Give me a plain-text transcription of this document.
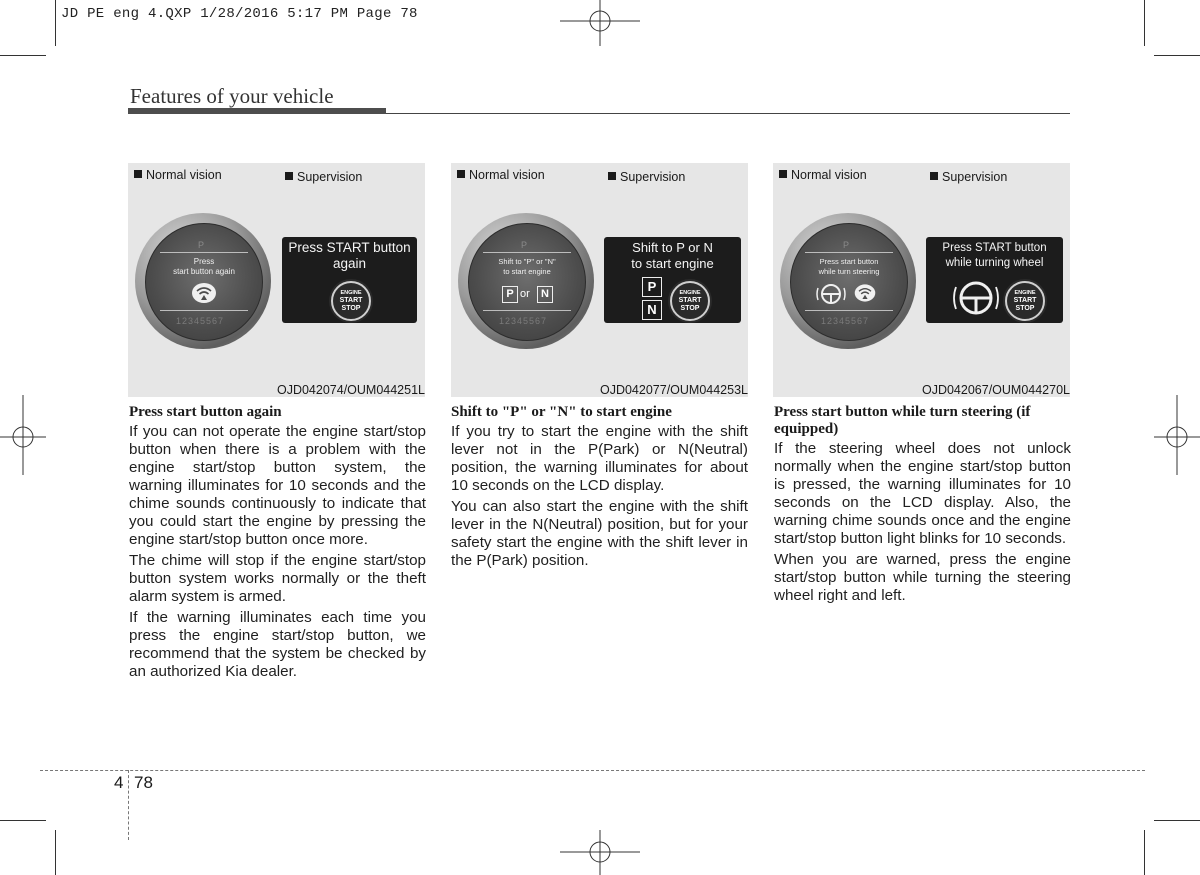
JD PE eng 4.QXP 1/28/2016 5:17 PM Page 78
Features of your vehicle
Normal vision	Supervision
P
Press
start button again
12345567
Press START button
again
ENGINE
START
STOP
OJD042074/OUM044251L
Normal vision	Supervision
P
Shift to "P" or "N"
to start engine
P or	N
12345567
Shift to P or N
to start engine
P
N
ENGINE
START
STOP
OJD042077/OUM044253L
Normal vision	Supervision
P
Press start button
while turn steering
12345567
Press START button
while turning wheel
ENGINE
START
STOP
OJD042067/OUM044270L
Press start button again

If you can not operate the engine start/stop button when there is a problem with the engine start/stop button system, the warning illuminates for 10 seconds and the chime sounds continuously to indicate that you could start the engine by pressing the engine start/stop button once more.

The chime will stop if the engine start/stop button system works normally or the theft alarm system is armed.

If the warning illuminates each time you press the engine start/stop button, we recommend that the system be checked by an authorized Kia dealer.

Shift to "P" or "N" to start engine

If you try to start the engine with the shift lever not in the P(Park) or N(Neutral) position, the warning illuminates for about 10 seconds on the LCD display.

You can also start the engine with the shift lever in the N(Neutral) position, but for your safety start the engine with the shift lever in the P(Park) position.

Press start button while turn steering (if equipped)

If the steering wheel does not unlock normally when the engine start/stop button is pressed, the warning illuminates for 10 seconds on the LCD display. Also, the warning chime sounds once and the engine start/stop button light blinks for 10 seconds.

When you are warned, press the engine start/stop button while turning the steering wheel right and left.

4 78
